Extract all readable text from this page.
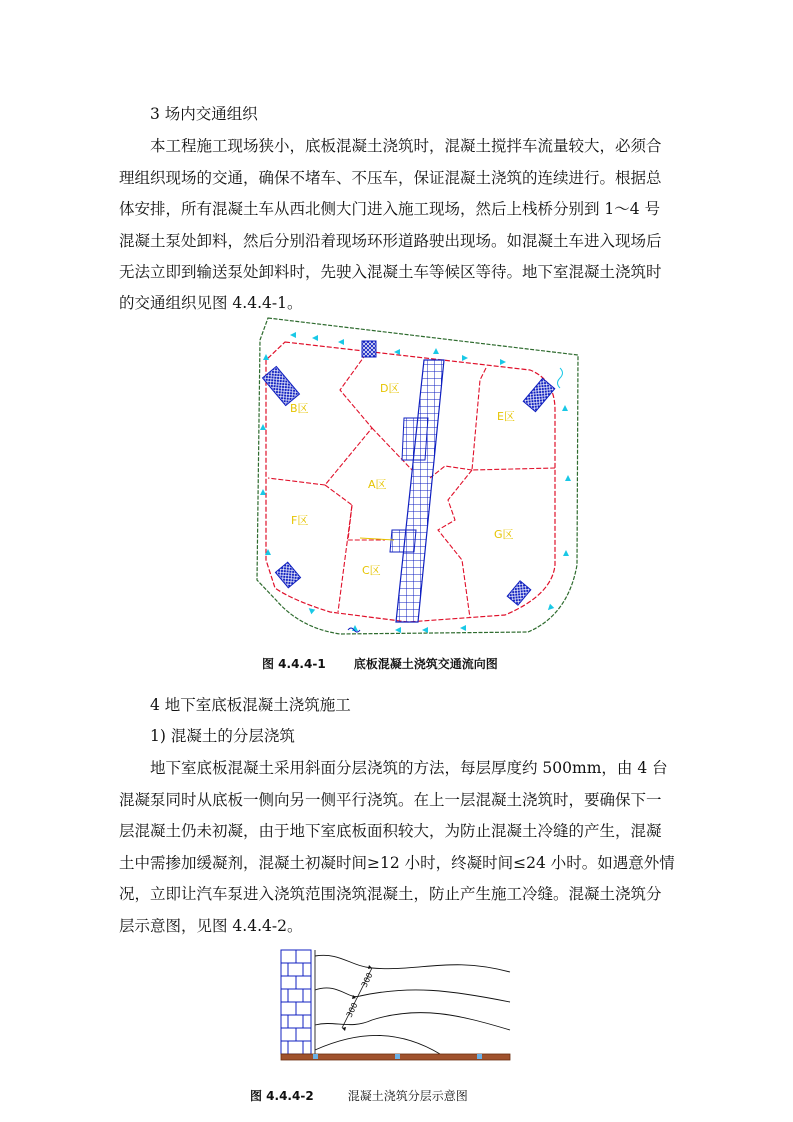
3 场内交通组织
本工程施工现场狭小，底板混凝土浇筑时，混凝土搅拌车流量较大，必须合
理组织现场的交通，确保不堵车、不压车，保证混凝土浇筑的连续进行。根据总
体安排，所有混凝土车从西北侧大门进入施工现场，然后上栈桥分别到 1～4 号
混凝土泵处卸料，然后分别沿着现场环形道路驶出现场。如混凝土车进入现场后
无法立即到输送泵处卸料时，先驶入混凝土车等候区等待。地下室混凝土浇筑时
的交通组织见图 4.4.4-1。
D区
E区
B区
F区
A区
G区
C区
图 4.4.4-1 底板混凝土浇筑交通流向图
4 地下室底板混凝土浇筑施工
1) 混凝土的分层浇筑
地下室底板混凝土采用斜面分层浇筑的方法，每层厚度约 500mm，由 4 台
混凝泵同时从底板一侧向另一侧平行浇筑。在上一层混凝土浇筑时，要确保下一
层混凝土仍未初凝，由于地下室底板面积较大，为防止混凝土冷缝的产生，混凝
土中需掺加缓凝剂，混凝土初凝时间≥12 小时，终凝时间≤24 小时。如遇意外情
况，立即让汽车泵进入浇筑范围浇筑混凝土，防止产生施工冷缝。混凝土浇筑分
层示意图，见图 4.4.4-2。
300
300
图 4.4.4-2	混凝土浇筑分层示意图
